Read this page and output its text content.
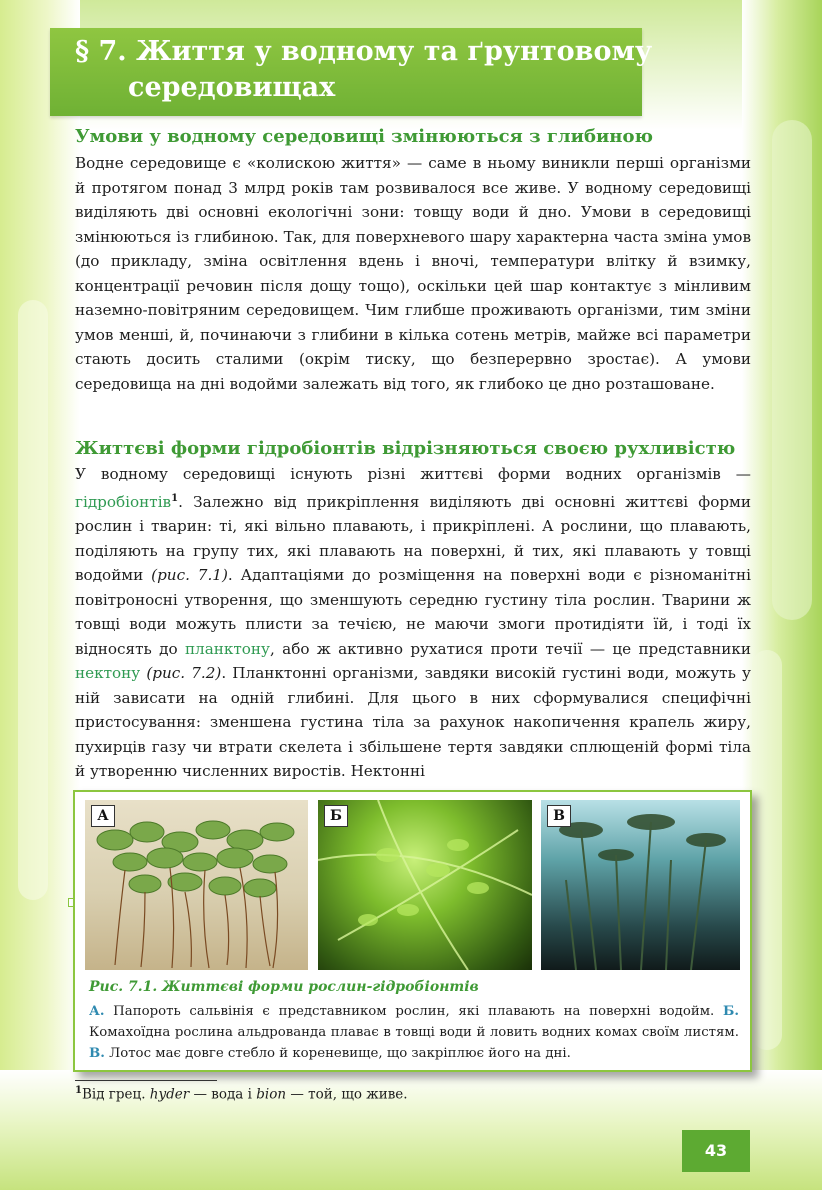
§ 7. Життя у водному та ґрунтовому
середовищах
Умови у водному середовищі змінюються з глибиною

Водне середовище є «колискою життя» — саме в ньому виникли перші організми й протягом понад 3 млрд років там розвивалося все живе. У водному середовищі виділяють дві основні екологічні зони: товщу води й дно. Умови в середовищі змінюються із глибиною. Так, для поверхневого шару характерна часта зміна умов (до прикладу, зміна освітлення вдень і вночі, температури влітку й взимку, концентрації речовин після дощу тощо), оскільки цей шар контактує з мінливим наземно-повітряним середовищем. Чим глибше проживають організми, тим зміни умов менші, й, починаючи з глибини в кілька сотень метрів, майже всі параметри стають досить сталими (окрім тиску, що безперервно зростає). А умови середовища на дні водойми залежать від того, як глибоко це дно розташоване.

Життєві форми гідробіонтів відрізняються своєю рухливістю

У водному середовищі існують різні життєві форми водних організмів — гідробіонтів$^1$. Залежно від прикріплення виділяють дві основні життєві форми рослин і тварин: ті, які вільно плавають, і прикріплені. А рослини, що плавають, поділяють на групу тих, які плавають на поверхні, й тих, які плавають у товщі водойми (рис. 7.1). Адаптаціями до розміщення на поверхні води є різноманітні повітроносні утворення, що зменшують середню густину тіла рослин. Тварини ж товщі води можуть плисти за течією, не маючи змоги протидіяти їй, і тоді їх відносять до планктону, або ж активно рухатися проти течії — це представники нектону (рис. 7.2). Планктонні організми, завдяки високій густині води, можуть у ній зависати на одній глибині. Для цього в них сформувалися специфічні пристосування: зменшена густина тіла за рахунок накопичення крапель жиру, пухирців газу чи втрати скелета і збільшене тертя завдяки сплющеній формі тіла й утворенню численних виростів. Нектонні

А	Б	В
Рис. 7.1. Життєві форми рослин-гідробіонтів
А. Папороть сальвінія є представником рослин, які плавають на поверхні водойм. Б. Комахоїдна рослина альдрованда плаває в товщі води й ловить водних комах своїм листям. В. Лотос має довге стебло й кореневище, що закріплює його на дні.
$^1$Від грец. hyder — вода і bion — той, що живе.
43
